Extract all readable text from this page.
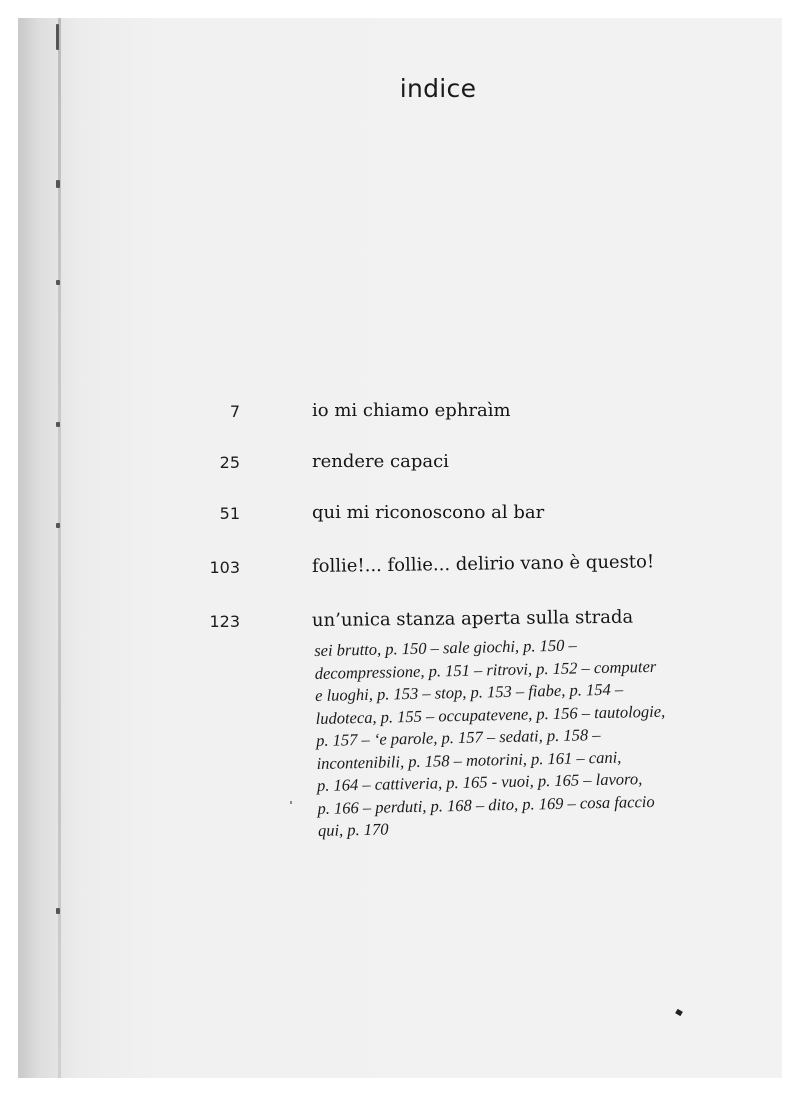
indice
7	io mi chiamo ephraìm
25	rendere capaci
51	qui mi riconoscono al bar
103	follie!... follie... delirio vano è questo!
123	un’unica stanza aperta sulla strada
sei brutto, p. 150 – sale giochi, p. 150 –
decompressione, p. 151 – ritrovi, p. 152 – computer
e luoghi, p. 153 – stop, p. 153 – fiabe, p. 154 –
ludoteca, p. 155 – occupatevene, p. 156 – tautologie,
p. 157 – ‘e parole, p. 157 – sedati, p. 158 –
incontenibili, p. 158 – motorini, p. 161 – cani,
p. 164 – cattiveria, p. 165 - vuoi, p. 165 – lavoro,
p. 166 – perduti, p. 168 – dito, p. 169 – cosa faccio
qui, p. 170
